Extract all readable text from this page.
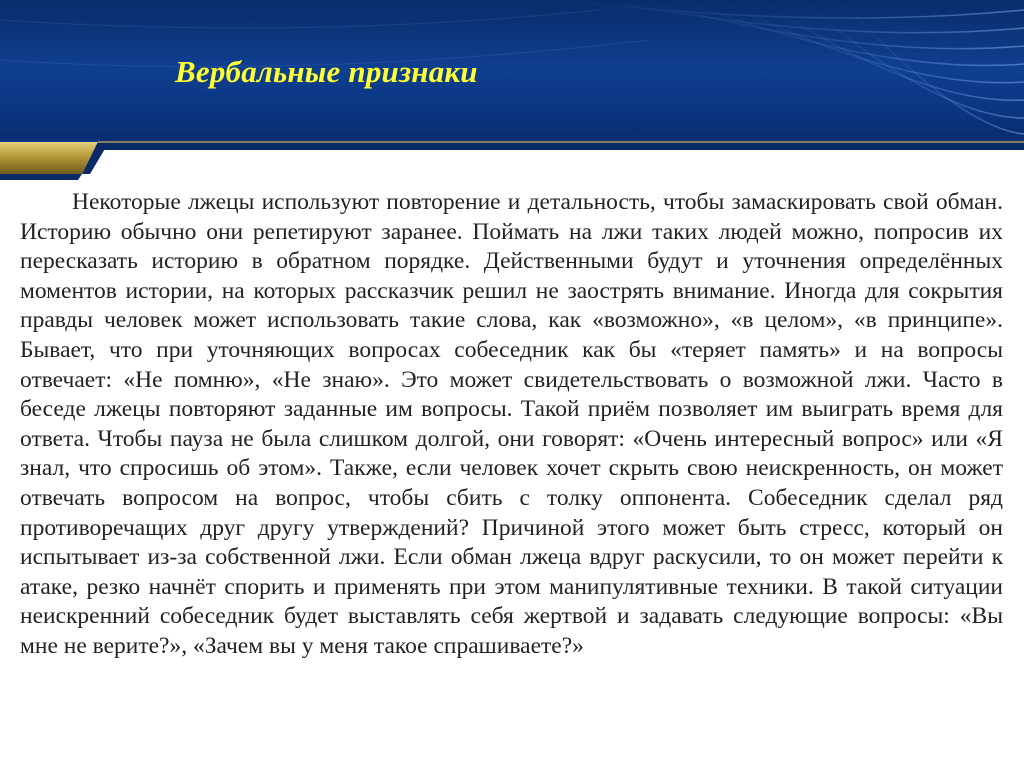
Вербальные признаки

Некоторые лжецы используют повторение и детальность, чтобы замаскировать свой обман. Историю обычно они репетируют заранее. Поймать на лжи таких людей можно, попросив их пересказать историю в обратном порядке. Действенными будут и уточнения определённых моментов истории, на которых рассказчик решил не заострять внимание. Иногда для сокрытия правды человек может использовать такие слова, как «возможно», «в целом», «в принципе». Бывает, что при уточняющих вопросах собеседник как бы «теряет память» и на вопросы отвечает: «Не помню», «Не знаю». Это может свидетельствовать о возможной лжи. Часто в беседе лжецы повторяют заданные им вопросы. Такой приём позволяет им выиграть время для ответа. Чтобы пауза не была слишком долгой, они говорят: «Очень интересный вопрос» или «Я знал, что спросишь об этом». Также, если человек хочет скрыть свою неискренность, он может отвечать вопросом на вопрос, чтобы сбить с толку оппонента. Собеседник сделал ряд противоречащих друг другу утверждений? Причиной этого может быть стресс, который он испытывает из-за собственной лжи. Если обман лжеца вдруг раскусили, то он может перейти к атаке, резко начнёт спорить и применять при этом манипулятивные техники. В такой ситуации неискренний собеседник будет выставлять себя жертвой и задавать следующие вопросы: «Вы мне не верите?», «Зачем вы у меня такое спрашиваете?»
